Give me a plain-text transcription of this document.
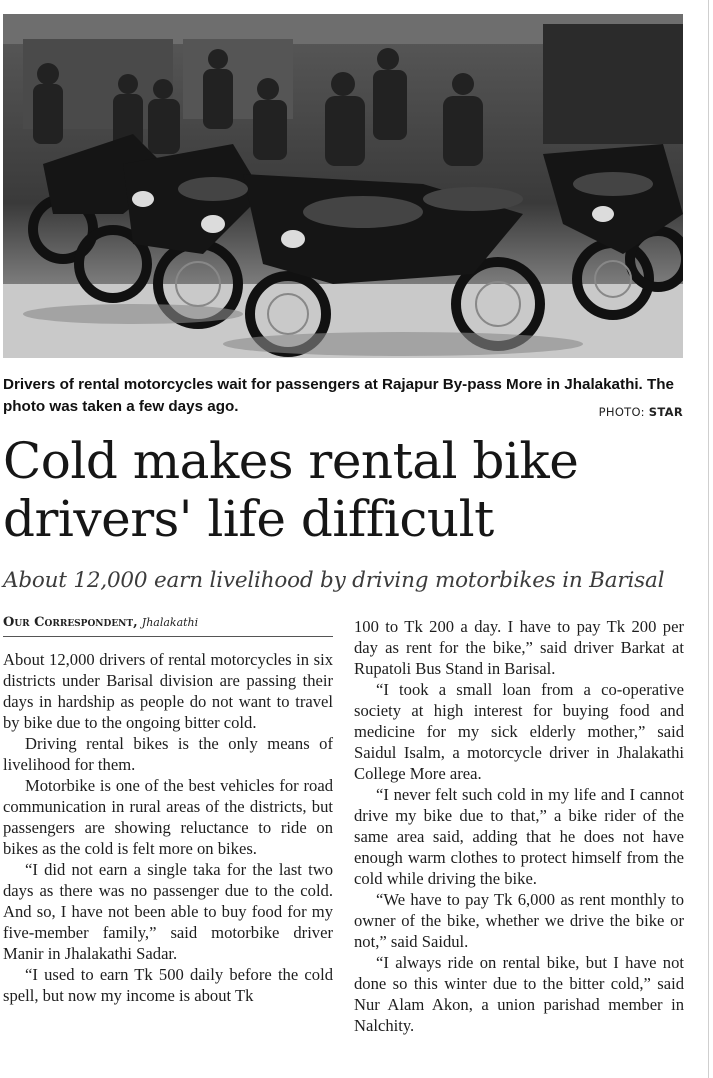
Drivers of rental motorcycles wait for passengers at Rajapur By-pass More in Jhalakathi. The photo was taken a few days ago.	PHOTO: STAR
Cold makes rental bike drivers' life difficult
About 12,000 earn livelihood by driving motorbikes in Barisal
Our Correspondent, Jhalakathi

About 12,000 drivers of rental motorcycles in six districts under Barisal division are passing their days in hardship as people do not want to travel by bike due to the ongoing bitter cold.

Driving rental bikes is the only means of livelihood for them.

Motorbike is one of the best vehicles for road communication in rural areas of the districts, but passengers are showing reluctance to ride on bikes as the cold is felt more on bikes.

“I did not earn a single taka for the last two days as there was no passenger due to the cold. And so, I have not been able to buy food for my five-member family,” said motorbike driver Manir in Jhalakathi Sadar.

“I used to earn Tk 500 daily before the cold spell, but now my income is about Tk

100 to Tk 200 a day. I have to pay Tk 200 per day as rent for the bike,” said driver Barkat at Rupatoli Bus Stand in Barisal.

“I took a small loan from a co-operative society at high interest for buying food and medicine for my sick elderly mother,” said Saidul Isalm, a motorcycle driver in Jhalakathi College More area.

“I never felt such cold in my life and I cannot drive my bike due to that,” a bike rider of the same area said, adding that he does not have enough warm clothes to protect himself from the cold while driving the bike.

“We have to pay Tk 6,000 as rent monthly to owner of the bike, whether we drive the bike or not,” said Saidul.

“I always ride on rental bike, but I have not done so this winter due to the bitter cold,” said Nur Alam Akon, a union parishad member in Nalchity.
